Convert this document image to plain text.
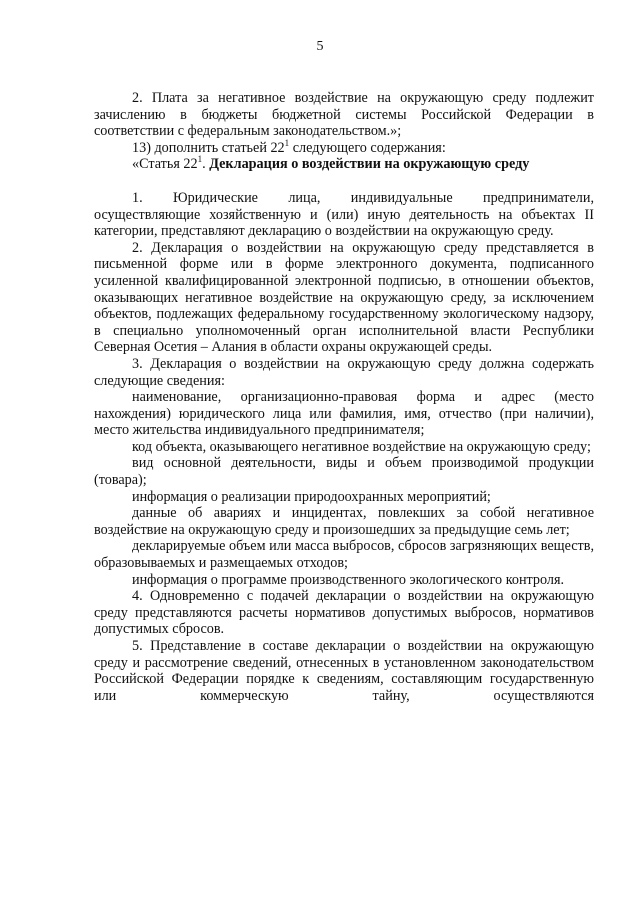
5

2. Плата за негативное воздействие на окружающую среду подлежит зачислению в бюджеты бюджетной системы Российской Федерации в соответствии с федеральным законодательством.»;

13) дополнить статьей $22^1$ следующего содержания:

«Статья $22^1$. Декларация о воздействии на окружающую среду

1. Юридические лица, индивидуальные предприниматели, осуществляющие хозяйственную и (или) иную деятельность на объектах II категории, представляют декларацию о воздействии на окружающую среду.

2. Декларация о воздействии на окружающую среду представляется в письменной форме или в форме электронного документа, подписанного усиленной квалифицированной электронной подписью, в отношении объектов, оказывающих негативное воздействие на окружающую среду, за исключением объектов, подлежащих федеральному государственному экологическому надзору, в специально уполномоченный орган исполнительной власти Республики Северная Осетия – Алания в области охраны окружающей среды.

3. Декларация о воздействии на окружающую среду должна содержать следующие сведения:

наименование, организационно-правовая форма и адрес (место нахождения) юридического лица или фамилия, имя, отчество (при наличии), место жительства индивидуального предпринимателя;

код объекта, оказывающего негативное воздействие на окружающую среду;

вид основной деятельности, виды и объем производимой продукции (товара);

информация о реализации природоохранных мероприятий;

данные об авариях и инцидентах, повлекших за собой негативное воздействие на окружающую среду и произошедших за предыдущие семь лет;

декларируемые объем или масса выбросов, сбросов загрязняющих веществ, образовываемых и размещаемых отходов;

информация о программе производственного экологического контроля.

4. Одновременно с подачей декларации о воздействии на окружающую среду представляются расчеты нормативов допустимых выбросов, нормативов допустимых сбросов.

5. Представление в составе декларации о воздействии на окружающую среду и рассмотрение сведений, отнесенных в установленном законодательством Российской Федерации порядке к сведениям, составляющим государственную или коммерческую тайну, осуществляются
